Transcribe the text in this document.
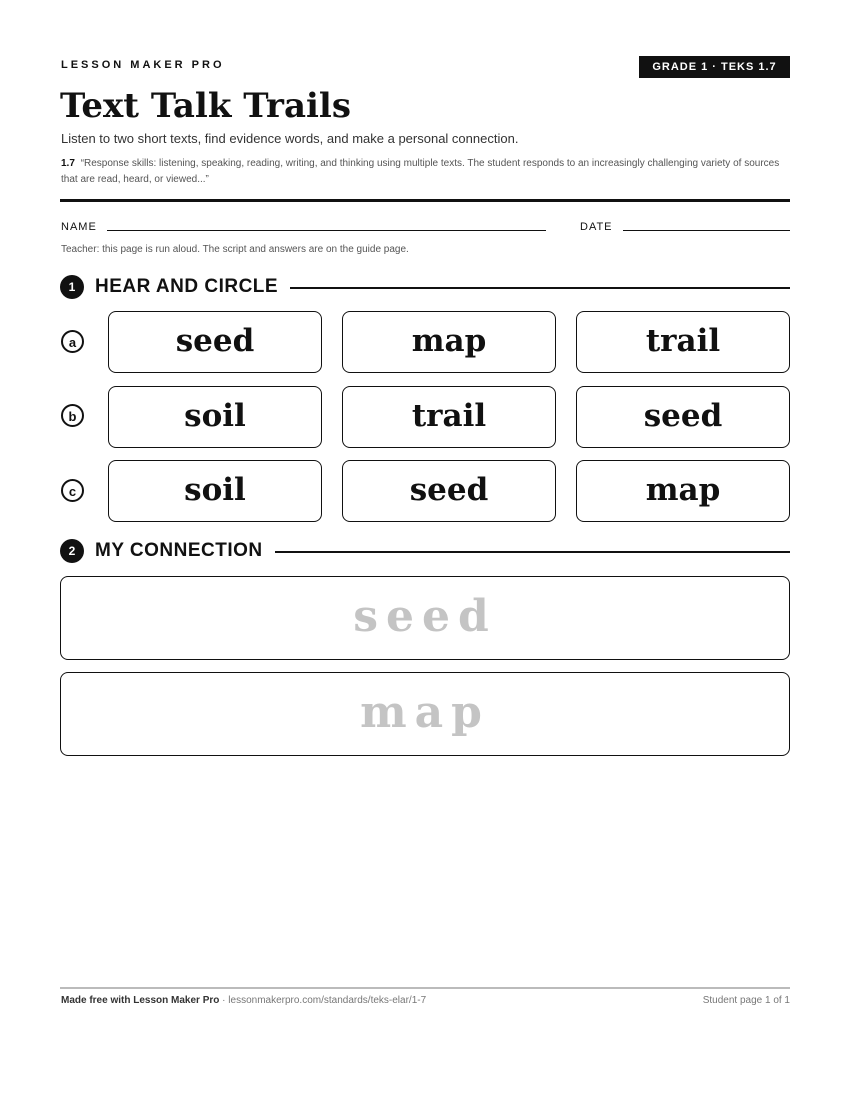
LESSON MAKER PRO	GRADE 1 · TEKS 1.7
Text Talk Trails
Listen to two short texts, find evidence words, and make a personal connection.
1.7 “Response skills: listening, speaking, reading, writing, and thinking using multiple texts. The student responds to an increasingly challenging variety of sources that are read, heard, or viewed...”
NAME	DATE
Teacher: this page is run aloud. The script and answers are on the guide page.
1	HEAR AND CIRCLE
a	seed	map	trail
b	soil	trail	seed
c	soil	seed	map
2	MY CONNECTION
seed
map
Made free with Lesson Maker Pro · lessonmakerpro.com/standards/teks-elar/1-7	Student page 1 of 1
